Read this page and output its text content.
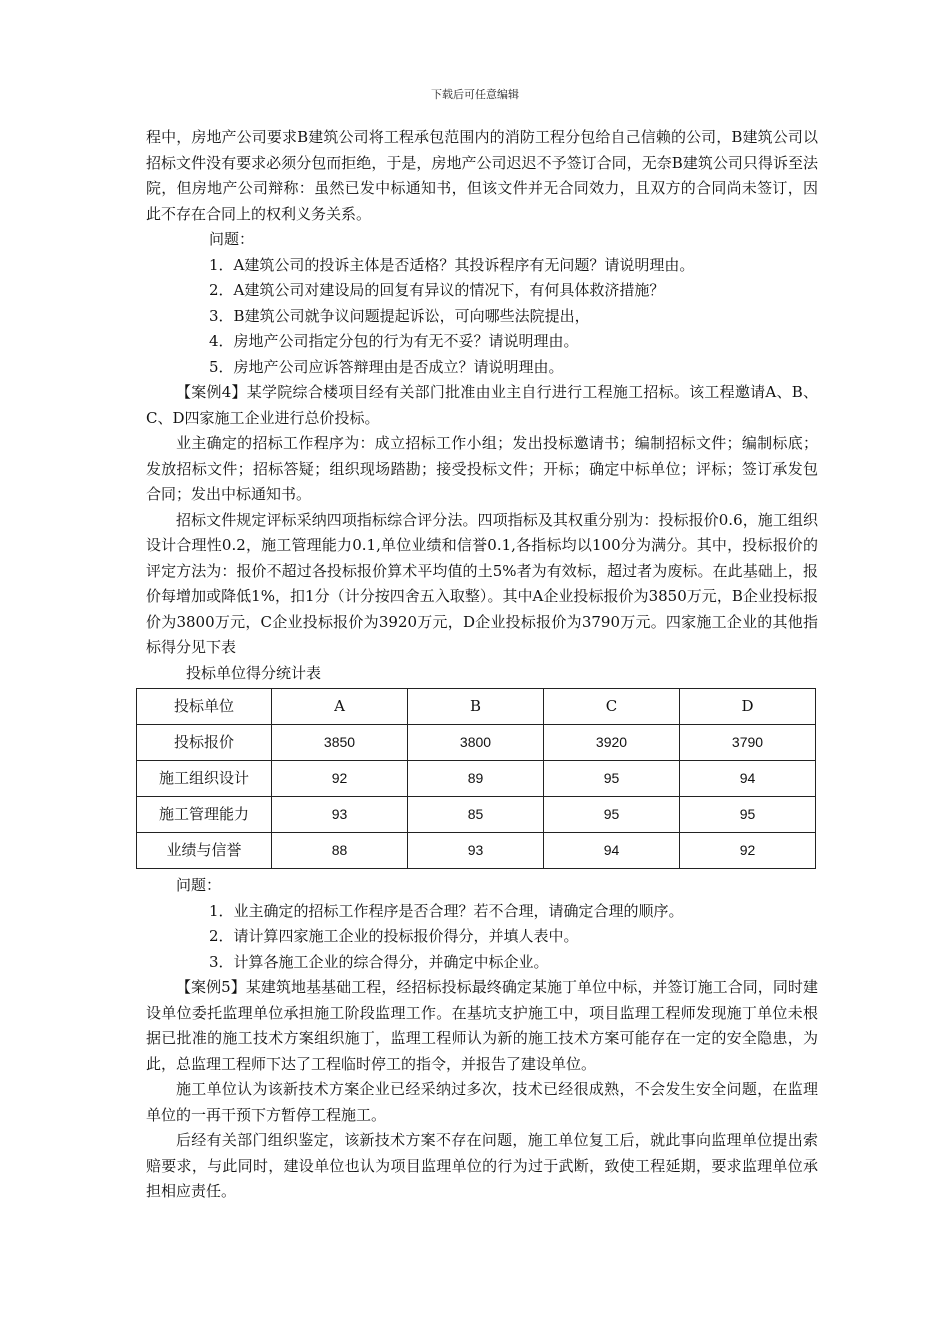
下载后可任意编辑

程中，房地产公司要求B建筑公司将工程承包范围内的消防工程分包给自己信赖的公司，B建筑公司以招标文件没有要求必须分包而拒绝，于是，房地产公司迟迟不予签订合同，无奈B建筑公司只得诉至法院，但房地产公司辩称：虽然已发中标通知书，但该文件并无合同效力，且双方的合同尚未签订，因此不存在合同上的权利义务关系。

问题：

1．A建筑公司的投诉主体是否适格？其投诉程序有无问题？请说明理由。

2．A建筑公司对建设局的回复有异议的情况下，有何具体救济措施？

3．B建筑公司就争议问题提起诉讼，可向哪些法院提出，

4．房地产公司指定分包的行为有无不妥？请说明理由。

5．房地产公司应诉答辩理由是否成立？请说明理由。

【案例4】某学院综合楼项目经有关部门批准由业主自行进行工程施工招标。该工程邀请A、B、C、D四家施工企业进行总价投标。

业主确定的招标工作程序为：成立招标工作小组；发出投标邀请书；编制招标文件；编制标底；发放招标文件；招标答疑；组织现场踏勘；接受投标文件；开标；确定中标单位；评标；签订承发包合同；发出中标通知书。

招标文件规定评标采纳四项指标综合评分法。四项指标及其权重分别为：投标报价0.6，施工组织设计合理性0.2，施工管理能力0.1,单位业绩和信誉0.1,各指标均以100分为满分。其中，投标报价的评定方法为：报价不超过各投标报价算术平均值的土5%者为有效标，超过者为废标。在此基础上，报价每增加或降低1%，扣1分（计分按四舍五入取整）。其中A企业投标报价为3850万元，B企业投标报价为3800万元，C企业投标报价为3920万元，D企业投标报价为3790万元。四家施工企业的其他指标得分见下表

投标单位得分统计表

投标单位	A	B	C	D
投标报价	3850	3800	3920	3790
施工组织设计	92	89	95	94
施工管理能力	93	85	95	95
业绩与信誉	88	93	94	92

问题：

1．业主确定的招标工作程序是否合理？若不合理，请确定合理的顺序。

2．请计算四家施工企业的投标报价得分，并填人表中。

3．计算各施工企业的综合得分，并确定中标企业。

【案例5】某建筑地基基础工程，经招标投标最终确定某施丁单位中标，并签订施工合同，同时建设单位委托监理单位承担施工阶段监理工作。在基坑支护施工中，项目监理工程师发现施丁单位未根据已批准的施工技术方案组织施丁，监理工程师认为新的施工技术方案可能存在一定的安全隐患，为此，总监理工程师下达了工程临时停工的指令，并报告了建设单位。

施工单位认为该新技术方案企业已经采纳过多次，技术已经很成熟，不会发生安全问题，在监理单位的一再干预下方暂停工程施工。

后经有关部门组织鉴定，该新技术方案不存在问题，施工单位复工后，就此事向监理单位提出索赔要求，与此同时，建设单位也认为项目监理单位的行为过于武断，致使工程延期，要求监理单位承担相应责任。
